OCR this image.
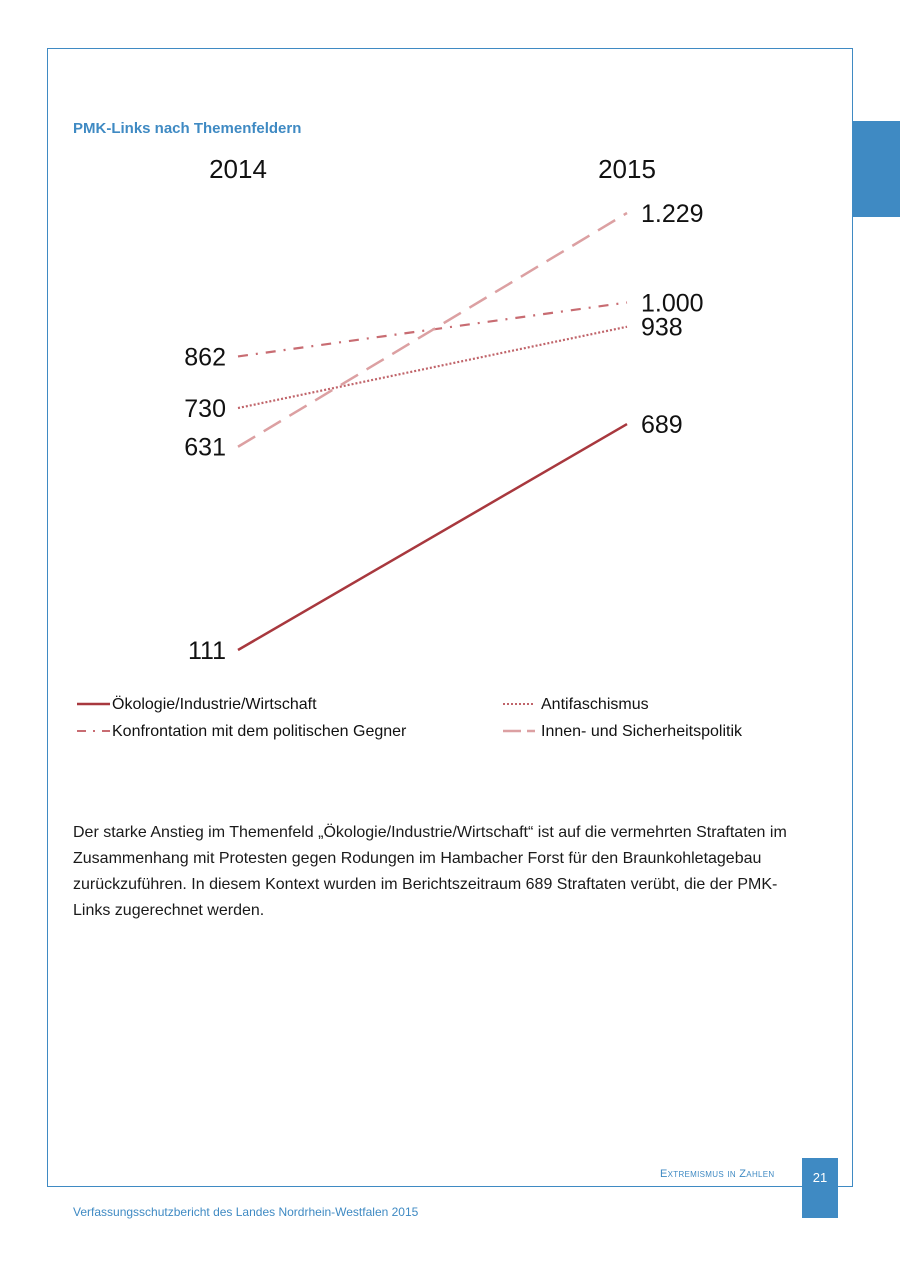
PMK-Links nach Themenfeldern
2014	2015
111
689
730
938
862
1.000
631
1.229
Ökologie/Industrie/Wirtschaft	Antifaschismus
Konfrontation mit dem politischen Gegner	Innen- und Sicherheitspolitik

Der starke Anstieg im Themenfeld „Ökologie/Industrie/Wirtschaft“ ist auf die vermehrten Straftaten im Zusammenhang mit Protesten gegen Rodungen im Hambacher Forst für den Braunkohletagebau zurückzuführen. In diesem Kontext wurden im Berichtszeitraum 689 Straftaten verübt, die der PMK-Links zugerechnet werden.

Extremismus in Zahlen	21
Verfassungsschutzbericht des Landes Nordrhein-Westfalen 2015
